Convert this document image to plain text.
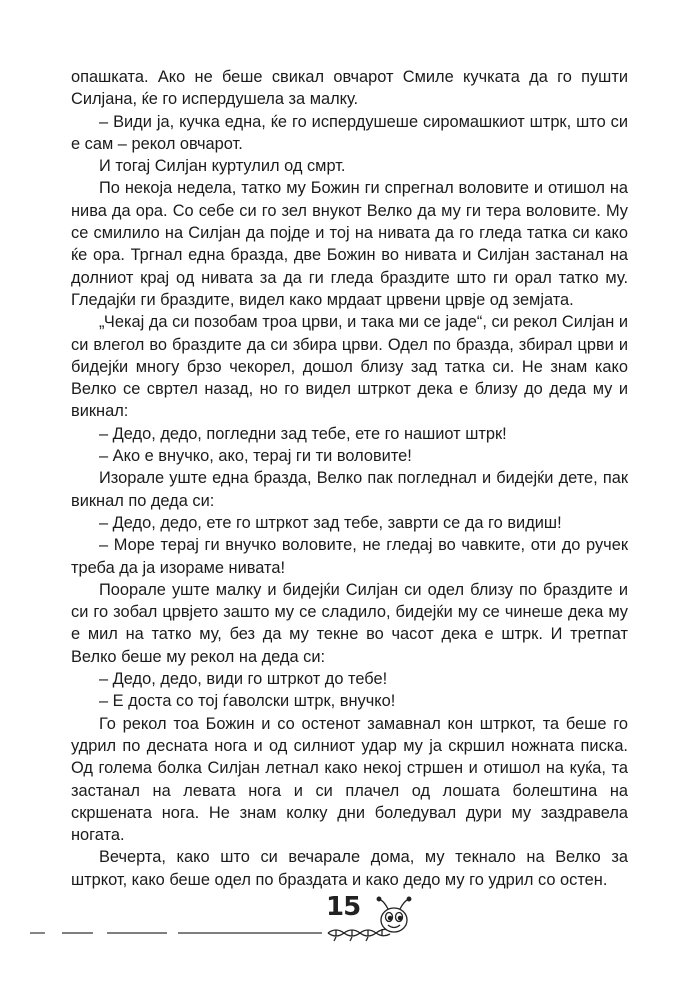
опашката. Ако не беше свикал овчарот Смиле кучката да го пушти Силјана, ќе го испердушела за малку.

– Види ја, кучка една, ќе го испердушеше сиромашкиот штрк, што си е сам – рекол овчарот.

И тогај Силјан куртулил од смрт.

По некоја недела, татко му Божин ги спрегнал воловите и отишол на нива да ора. Со себе си го зел внукот Велко да му ги тера воловите. Му се смилило на Силјан да појде и тој на нивата да го гледа татка си како ќе ора. Тргнал една бразда, две Божин во нивата и Силјан застанал на долниот крај од нивата за да ги гледа браздите што ги орал татко му. Гледајќи ги браздите, видел како мрдаат црвени црвје од земјата.

„Чекај да си позобам троа црви, и така ми се јаде“, си рекол Силјан и си влегол во браздите да си збира црви. Одел по бразда, збирал црви и бидејќи многу брзо чекорел, дошол близу зад татка си. Не знам како Велко се свртел назад, но го видел штркот дека е близу до деда му и викнал:

– Дедо, дедо, погледни зад тебе, ете го нашиот штрк!

– Ако е внучко, ако, терај ги ти воловите!

Изорале уште една бразда, Велко пак погледнал и бидејќи дете, пак викнал по деда си:

– Дедо, дедо, ете го штркот зад тебе, заврти се да го видиш!

– Море терај ги внучко воловите, не гледај во чавките, оти до ручек треба да ја изораме нивата!

Поорале уште малку и бидејќи Силјан си одел близу по браздите и си го зобал црвјето зашто му се сладило, бидејќи му се чинеше дека му е мил на татко му, без да му текне во часот дека е штрк. И третпат Велко беше му рекол на деда си:

– Дедо, дедо, види го штркот до тебе!

– Е доста со тој ѓаволски штрк, внучко!

Го рекол тоа Божин и со остенот замавнал кон штркот, та беше го удрил по десната нога и од силниот удар му ја скршил ножната писка. Од голема болка Силјан летнал како некој стршен и отишол на куќа, та застанал на левата нога и си плачел од лошата болештина на скршената нога. Не знам колку дни боледувал дури му заздравела ногата.

Вечерта, како што си вечарале дома, му текнало на Велко за штркот, како беше одел по браздата и како дедо му го удрил со остен.

15
